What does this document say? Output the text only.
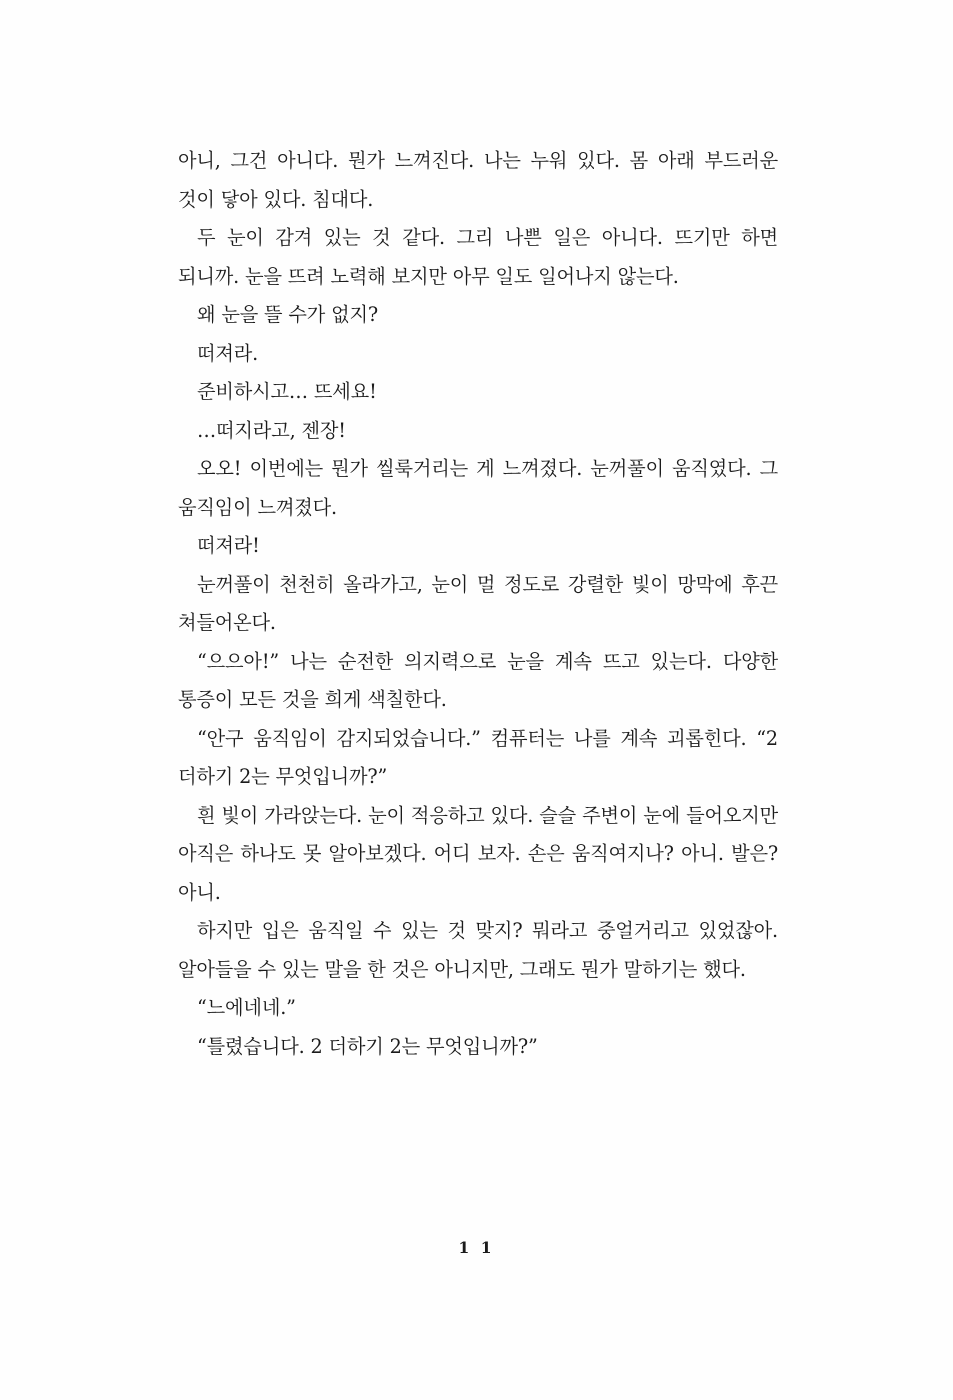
아니, 그건 아니다. 뭔가 느껴진다. 나는 누워 있다. 몸 아래 부드러운 것이 닿아 있다. 침대다.

두 눈이 감겨 있는 것 같다. 그리 나쁜 일은 아니다. 뜨기만 하면 되니까. 눈을 뜨려 노력해 보지만 아무 일도 일어나지 않는다.

왜 눈을 뜰 수가 없지?

떠져라.

준비하시고… 뜨세요!

…떠지라고, 젠장!

오오! 이번에는 뭔가 씰룩거리는 게 느껴졌다. 눈꺼풀이 움직였다. 그 움직임이 느껴졌다.

떠져라!

눈꺼풀이 천천히 올라가고, 눈이 멀 정도로 강렬한 빛이 망막에 후끈 쳐들어온다.

“으으아!” 나는 순전한 의지력으로 눈을 계속 뜨고 있는다. 다양한 통증이 모든 것을 희게 색칠한다.

“안구 움직임이 감지되었습니다.” 컴퓨터는 나를 계속 괴롭힌다. “2 더하기 2는 무엇입니까?”

흰 빛이 가라앉는다. 눈이 적응하고 있다. 슬슬 주변이 눈에 들어오지만 아직은 하나도 못 알아보겠다. 어디 보자. 손은 움직여지나? 아니. 발은? 아니.

하지만 입은 움직일 수 있는 것 맞지? 뭐라고 중얼거리고 있었잖아. 알아들을 수 있는 말을 한 것은 아니지만, 그래도 뭔가 말하기는 했다.

“느에네네.”

“틀렸습니다. 2 더하기 2는 무엇입니까?”

1 1
